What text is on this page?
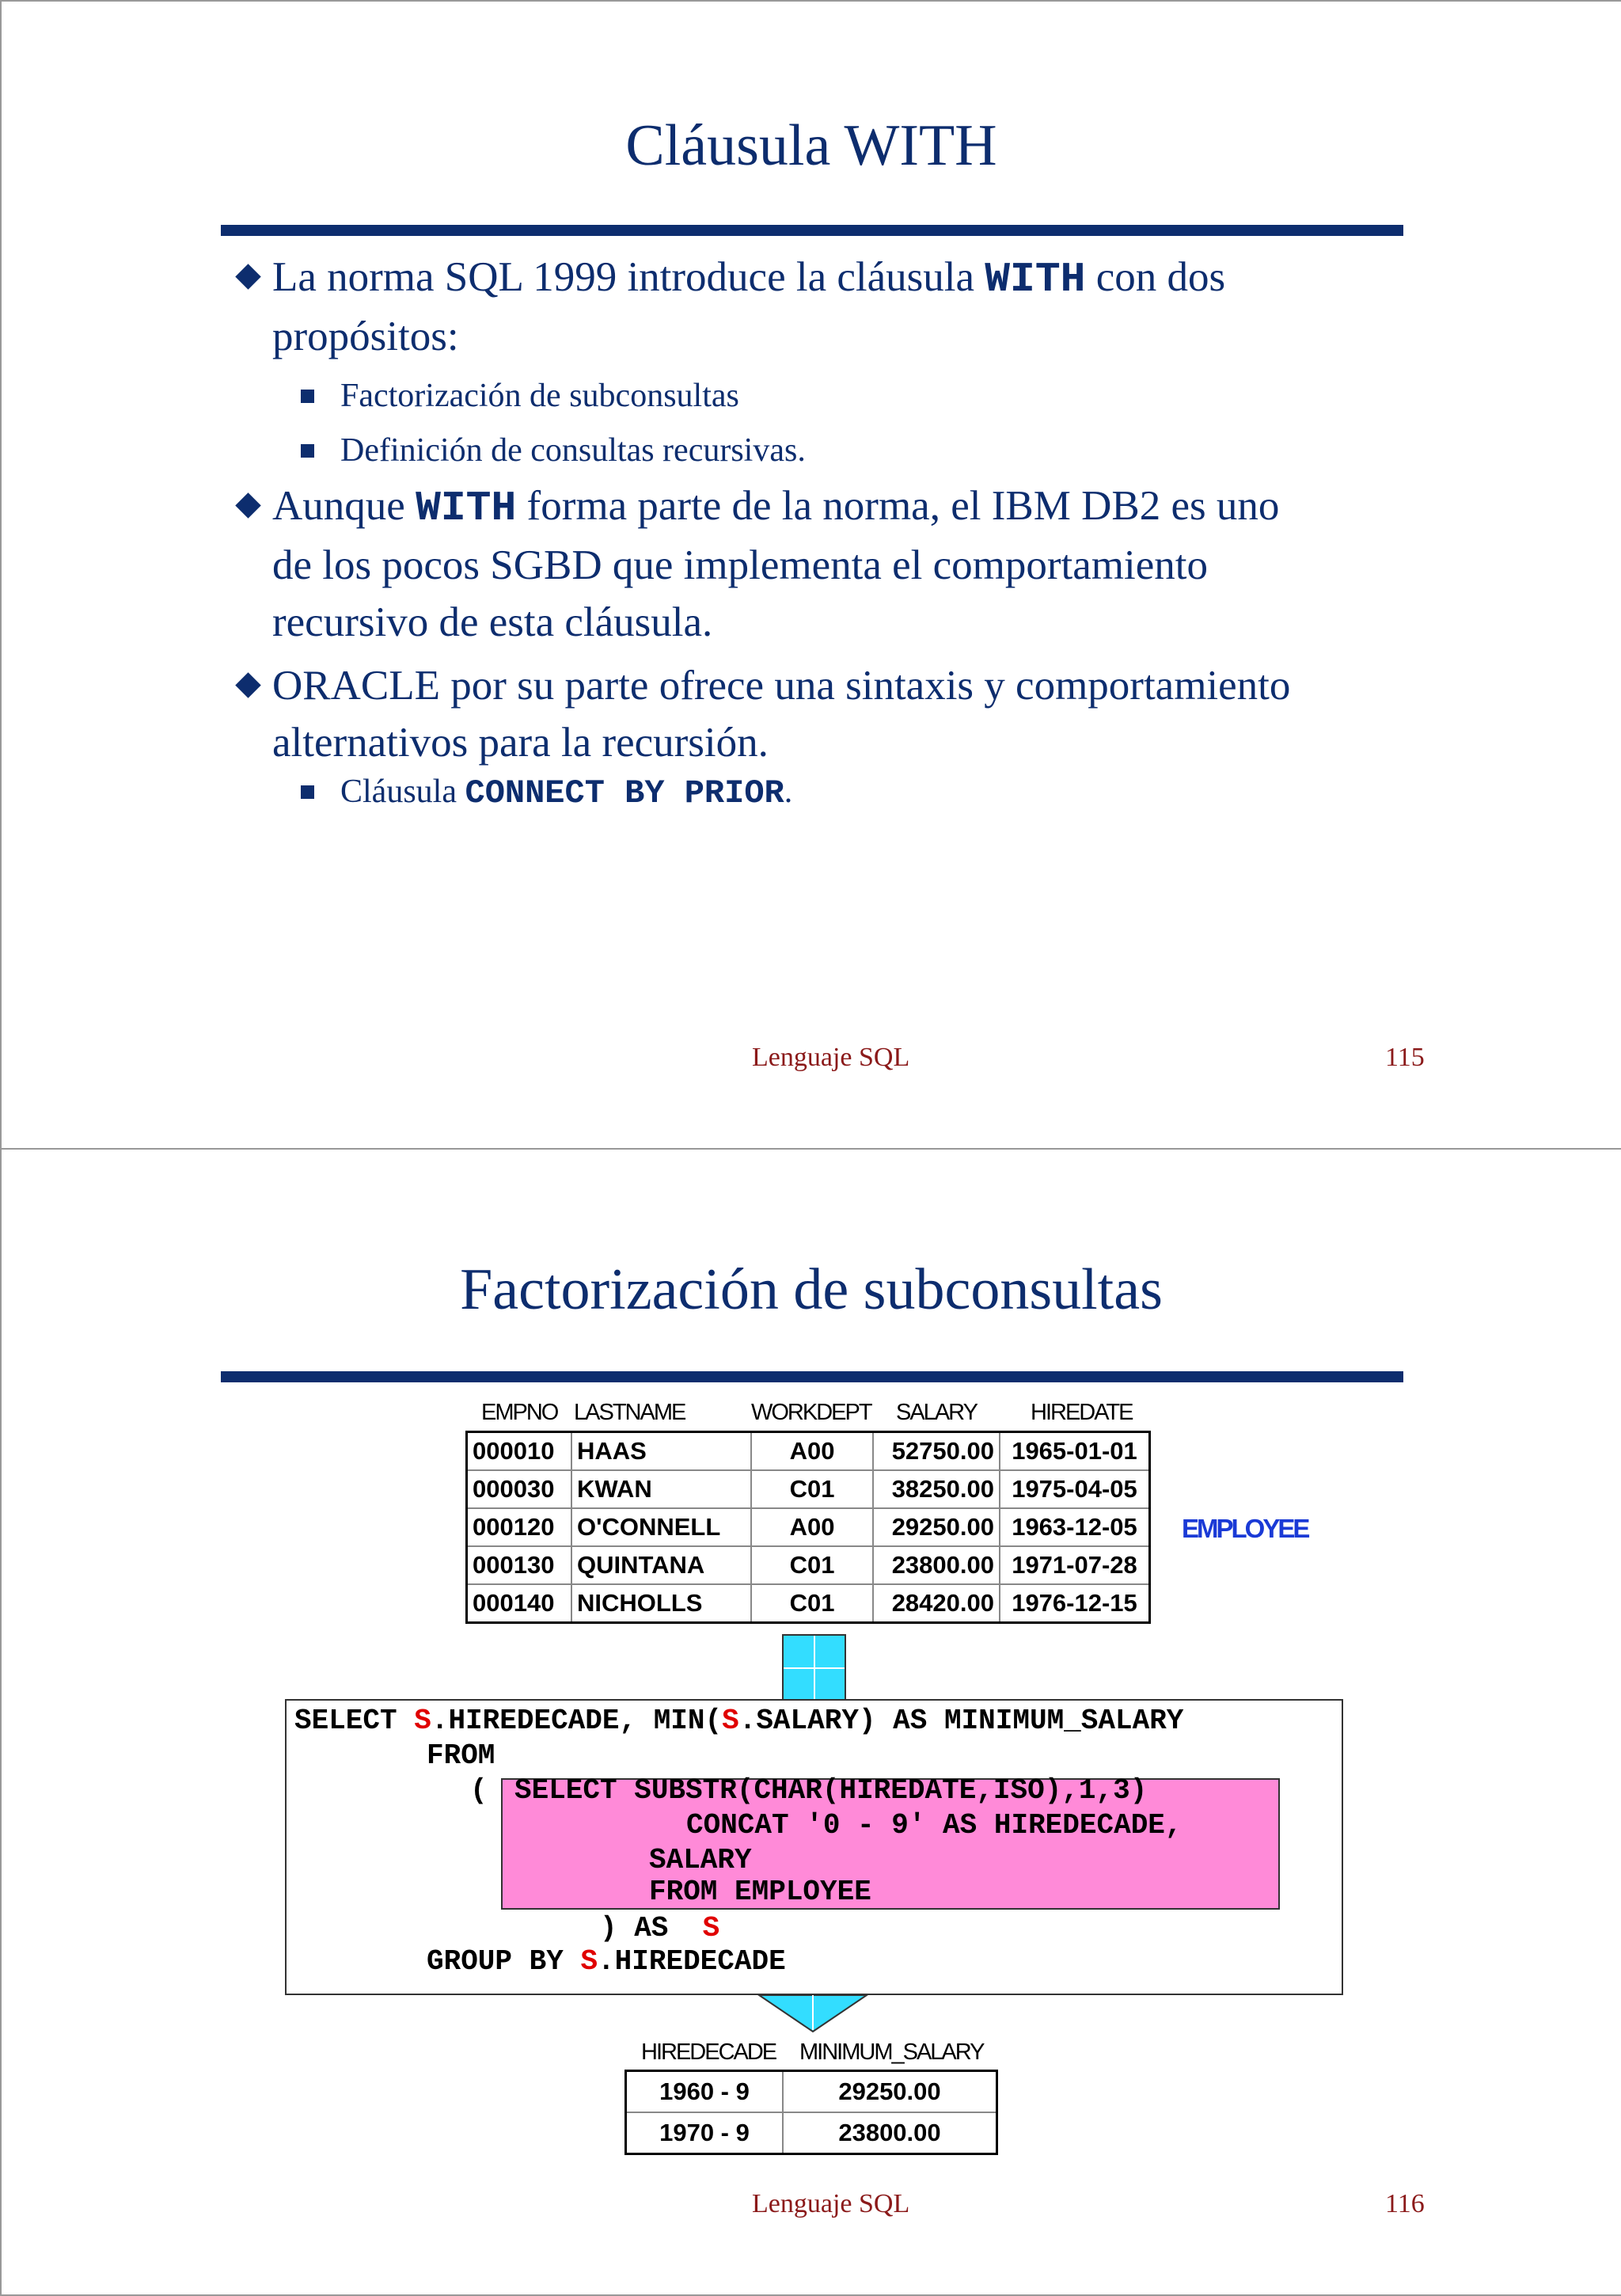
Cláusula WITH
La norma SQL 1999 introduce la cláusula WITH con dos
propósitos:
Factorización de subconsultas
Definición de consultas recursivas.
Aunque WITH forma parte de la norma, el IBM DB2 es uno
de los pocos SGBD que implementa el comportamiento
recursivo de esta cláusula.
ORACLE por su parte ofrece una sintaxis y comportamiento
alternativos para la recursión.
Cláusula CONNECT BY PRIOR.
Lenguaje SQL	115
Factorización de subconsultas
EMPNO LASTNAME	WORKDEPT SALARY HIREDATE
000010	HAAS	A00	52750.00	1965-01-01
000030	KWAN	C01	38250.00	1975-04-05
000120	O'CONNELL	A00	29250.00	1963-12-05
000130	QUINTANA	C01	23800.00	1971-07-28
000140	NICHOLLS	C01	28420.00	1976-12-15
EMPLOYEE
SELECT S.HIREDECADE, MIN(S.SALARY) AS MINIMUM_SALARY
FROM
( SELECT SUBSTR(CHAR(HIREDATE,ISO),1,3)
CONCAT '0 - 9' AS HIREDECADE,
SALARY
FROM EMPLOYEE
) AS  S
GROUP BY S.HIREDECADE
HIREDECADE MINIMUM_SALARY
1960 - 9	29250.00
1970 - 9	23800.00
Lenguaje SQL	116
